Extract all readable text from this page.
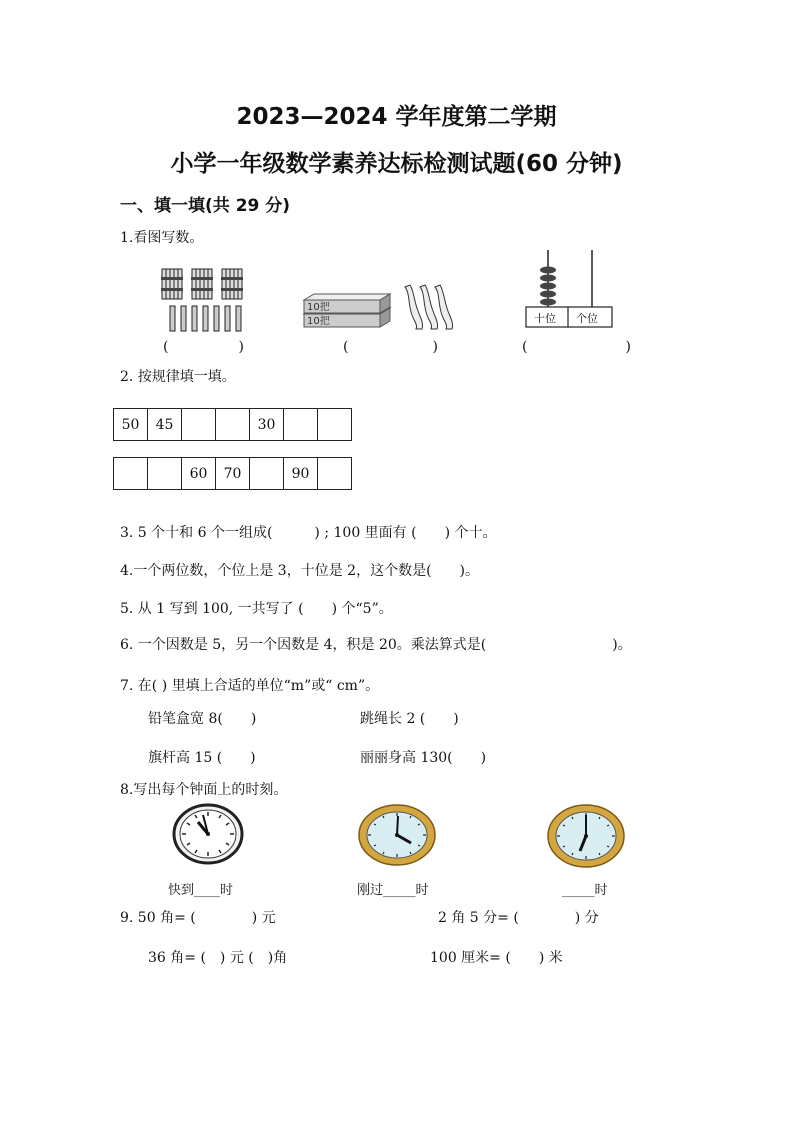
2023—2024 学年度第二学期
小学一年级数学素养达标检测试题(60 分钟)
一、填一填(共 29 分)
1.看图写数。
(　　　　　)
10把
10把
(　　　　　　)
十位 个位
(　　　　　　　)
2. 按规律填一填。
50	45			30		
		60	70		90	
3. 5 个十和 6 个一组成(　　　) ; 100 里面有 (　　) 个十。
4.一个两位数，个位上是 3，十位是 2，这个数是(　　)。
5. 从 1 写到 100, 一共写了 (　　) 个“5”。
6. 一个因数是 5，另一个因数是 4，积是 20。乘法算式是(　　　　　　　　　)。
7. 在( ) 里填上合适的单位“m”或“ cm”。
铅笔盒宽 8(　　)	跳绳长 2 (　　)
旗杆高 15 (　　)	丽丽身高 130(　　)
8.写出每个钟面上的时刻。
快到____时	刚过_____时	_____时
9. 50 角= (　　　　) 元	2 角 5 分= (　　　　) 分
36 角= (　) 元 (　)角	100 厘米= (　　) 米
